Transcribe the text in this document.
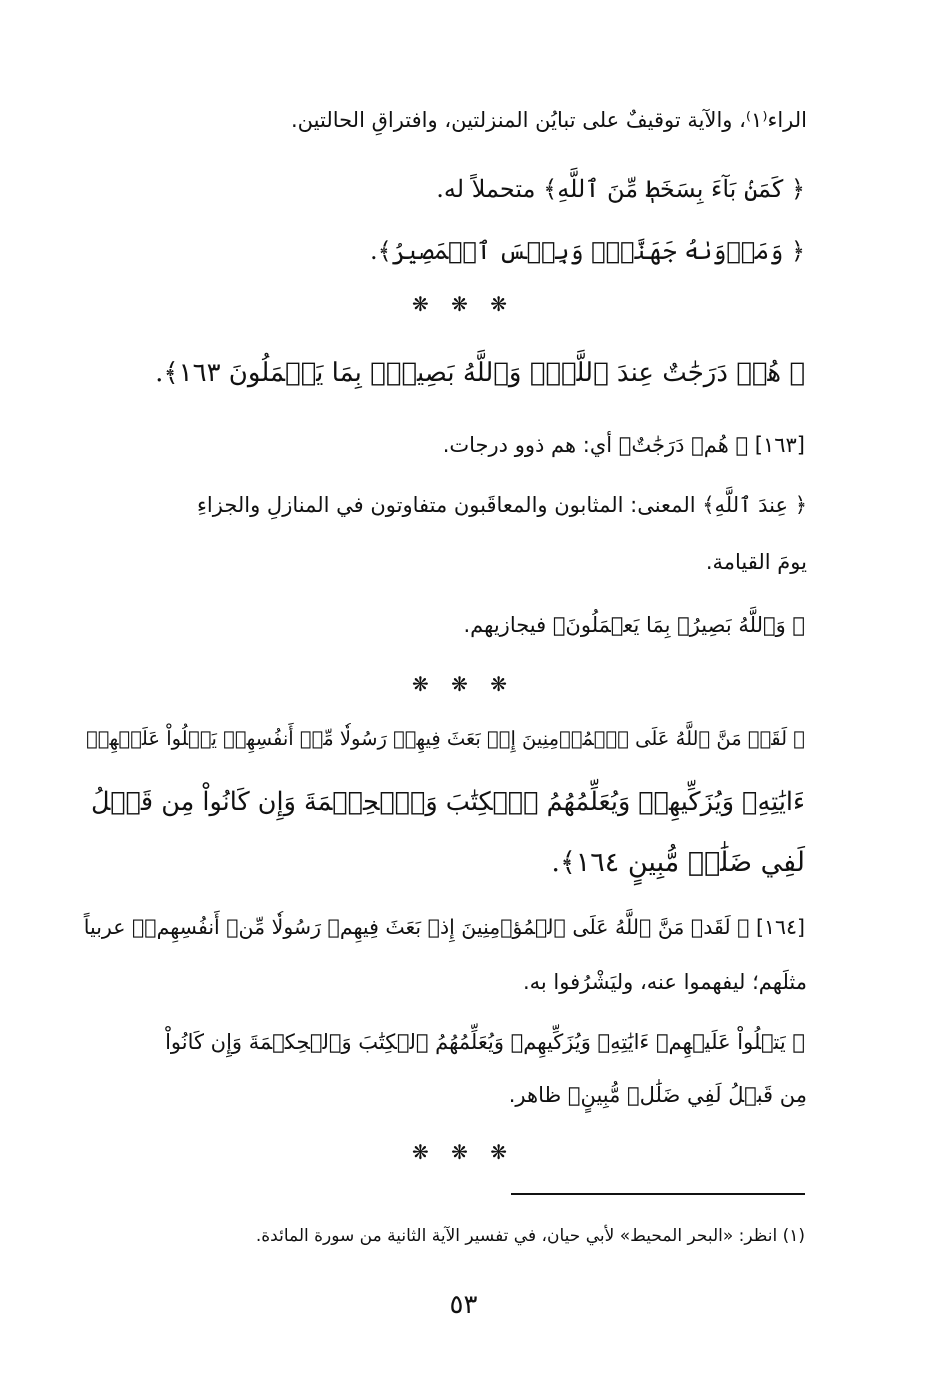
الراء⁽١⁾، والآية توقيفٌ على تبايُن المنزلتين، وافتراقِ الحالتين.
﴿ كَمَنۢ بَآءَ بِسَخَطٖ مِّنَ ٱللَّهِ﴾ متحملاً له.
﴿ وَمَأۡوَىٰهُ جَهَنَّمُۖ وَبِئۡسَ ٱلۡمَصِيرُ﴾.
❋ ❋ ❋
﴿ هُمۡ دَرَجَٰتٌ عِندَ ٱللَّهِۗ وَٱللَّهُ بَصِيرُۢ بِمَا يَعۡمَلُونَ ١٦٣﴾.
[١٦٣] ﴿ هُمۡ دَرَجَٰتٌ﴾ أي: هم ذوو درجات.
﴿ عِندَ ٱللَّهِ﴾ المعنى: المثابون والمعاقَبون متفاوتون في المنازلِ والجزاءِ
يومَ القيامة.
﴿ وَٱللَّهُ بَصِيرُۢ بِمَا يَعۡمَلُونَ﴾ فيجازيهم.
❋ ❋ ❋
﴿ لَقَدۡ مَنَّ ٱللَّهُ عَلَى ٱلۡمُؤۡمِنِينَ إِذۡ بَعَثَ فِيهِمۡ رَسُولٗا مِّنۡ أَنفُسِهِمۡ يَتۡلُواْ عَلَيۡهِمۡ
ءَايَٰتِهِۦ وَيُزَكِّيهِمۡ وَيُعَلِّمُهُمُ ٱلۡكِتَٰبَ وَٱلۡحِكۡمَةَ وَإِن كَانُواْ مِن قَبۡلُ
لَفِي ضَلَٰلٖ مُّبِينٍ ١٦٤﴾.
[١٦٤] ﴿ لَقَدۡ مَنَّ ٱللَّهُ عَلَى ٱلۡمُؤۡمِنِينَ إِذۡ بَعَثَ فِيهِمۡ رَسُولٗا مِّنۡ أَنفُسِهِمۡ﴾ عربياً
مثلَهم؛ ليفهموا عنه، وليَشْرُفوا به.
﴿ يَتۡلُواْ عَلَيۡهِمۡ ءَايَٰتِهِۦ وَيُزَكِّيهِمۡ وَيُعَلِّمُهُمُ ٱلۡكِتَٰبَ وَٱلۡحِكۡمَةَ وَإِن كَانُواْ
مِن قَبۡلُ لَفِي ضَلَٰلٖ مُّبِينٍ﴾ ظاهر.
❋ ❋ ❋
(١) انظر: «البحر المحيط» لأبي حيان، في تفسير الآية الثانية من سورة المائدة.
٥٣
